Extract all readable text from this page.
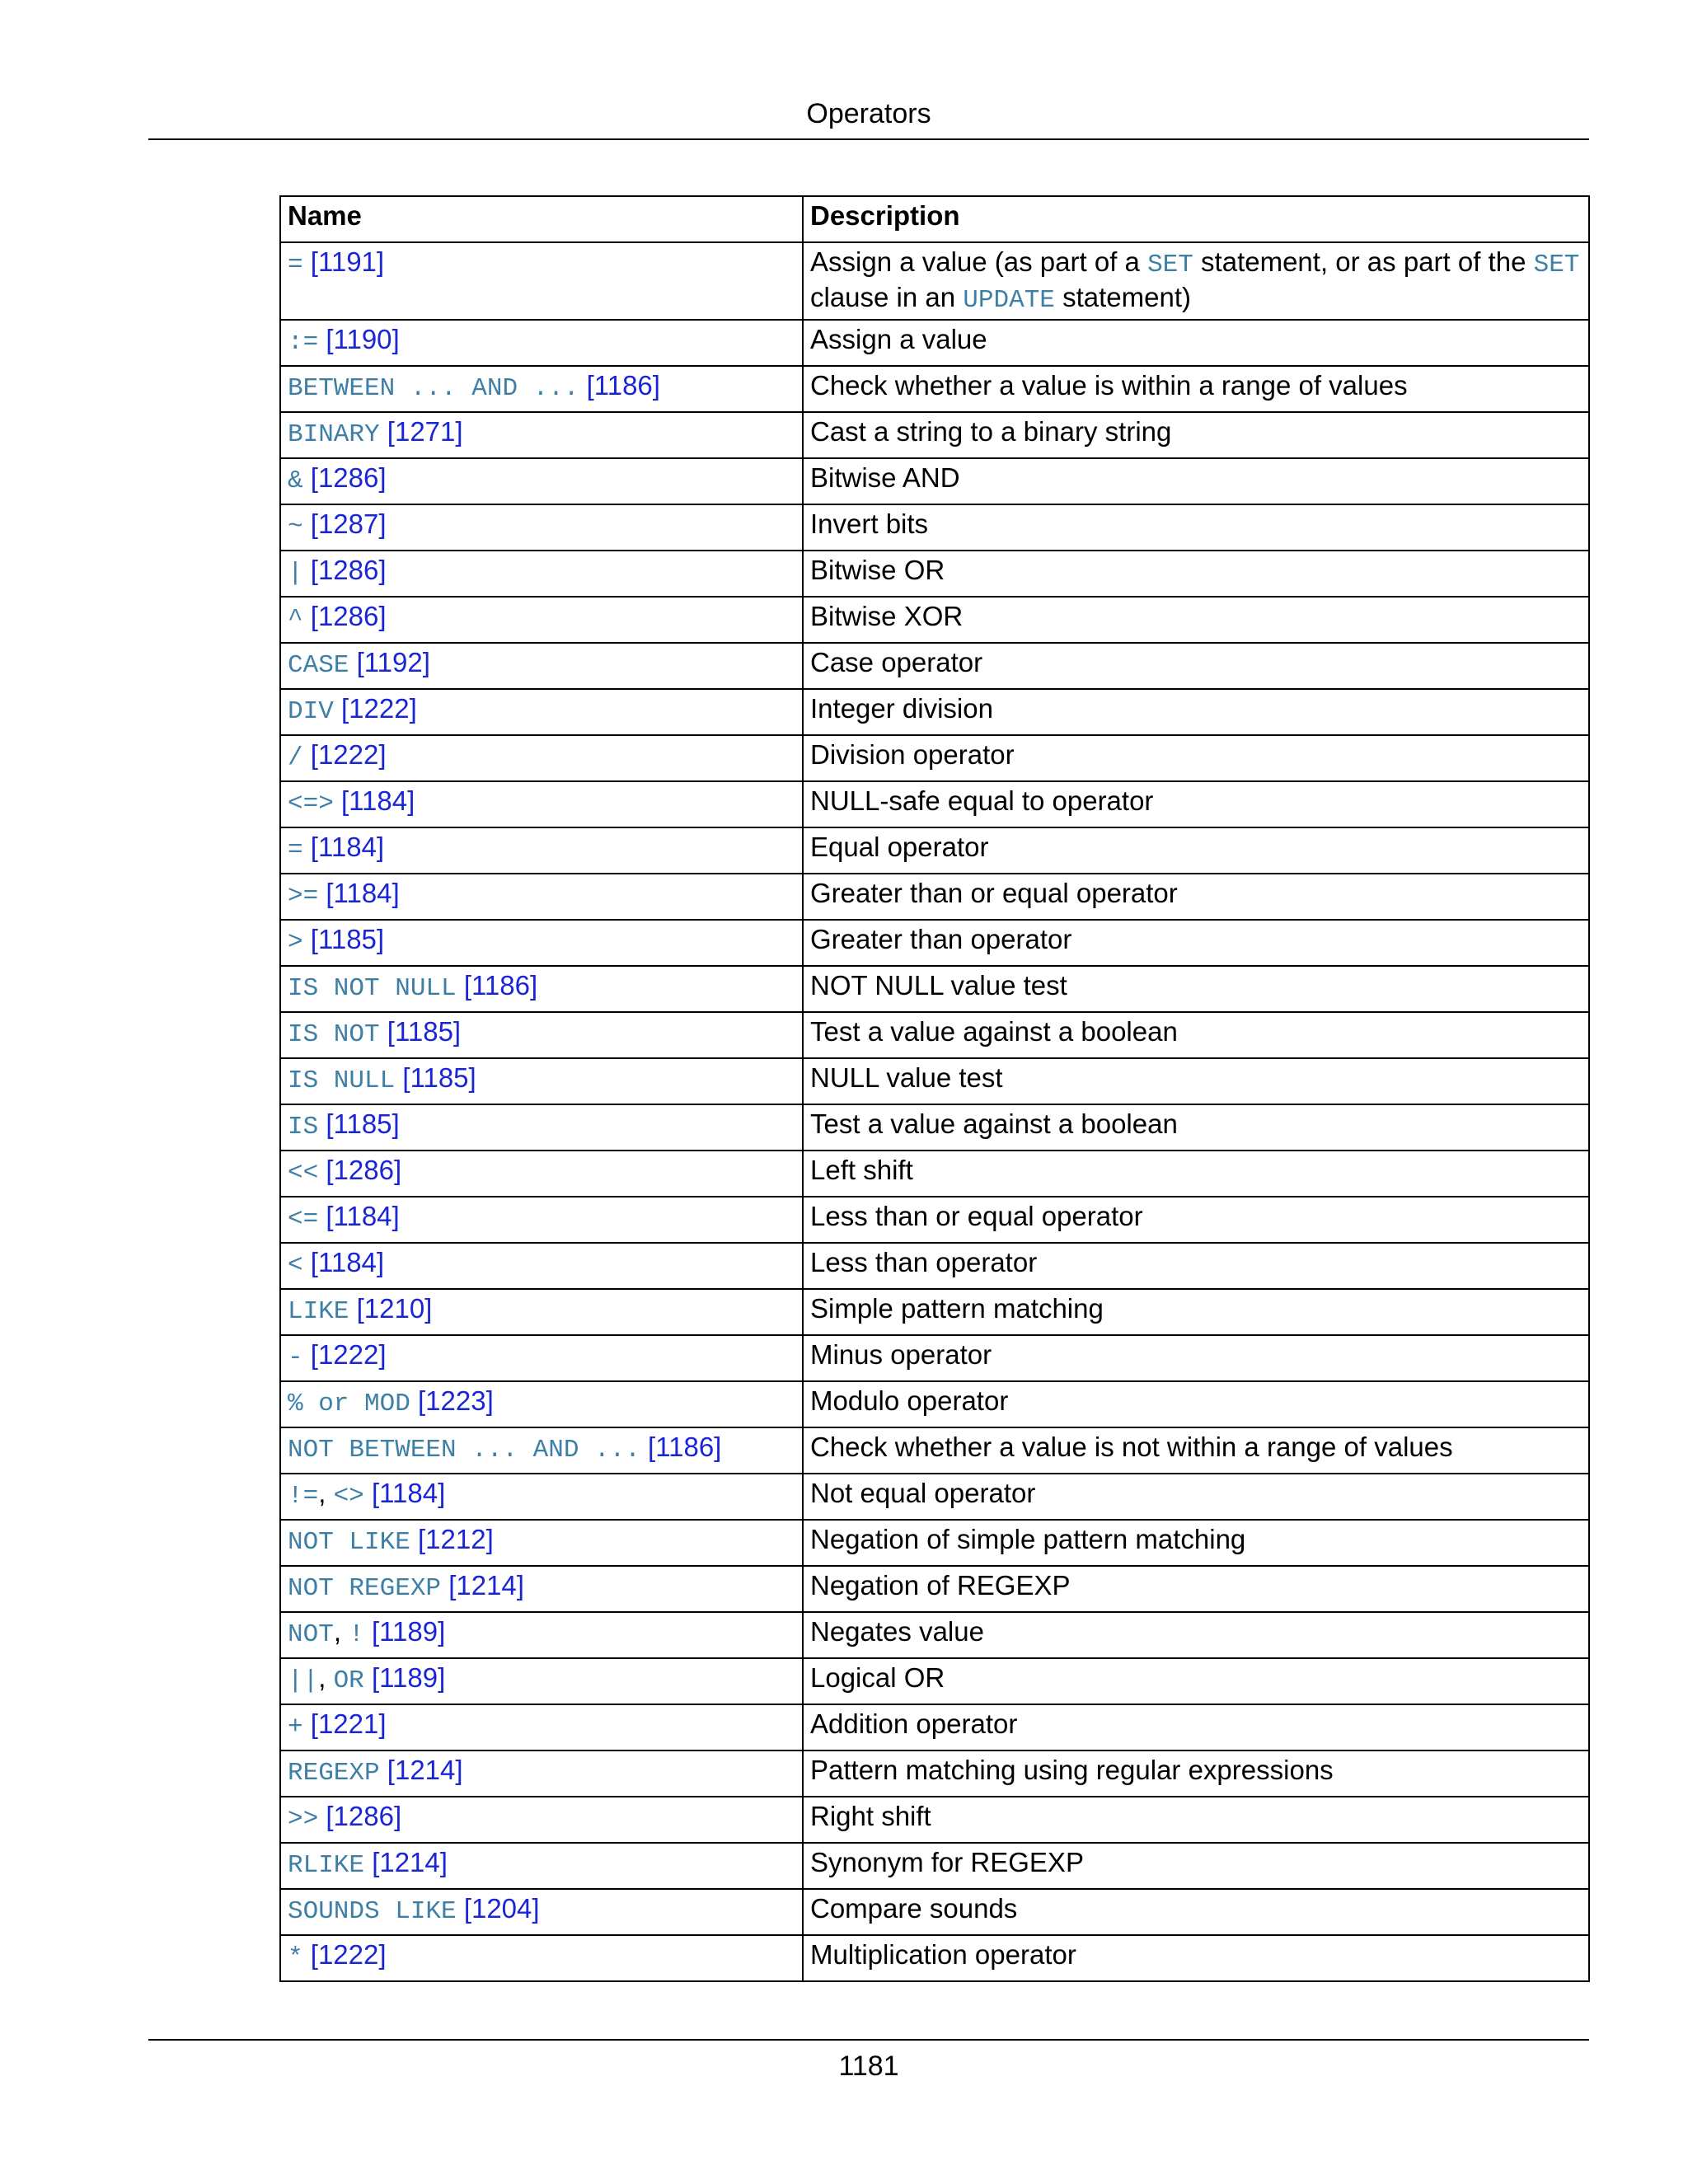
Operators
Name	Description
= [1191]	Assign a value (as part of a SET statement, or as part of the SET clause in an UPDATE statement)
:= [1190]	Assign a value
BETWEEN ... AND ... [1186]	Check whether a value is within a range of values
BINARY [1271]	Cast a string to a binary string
& [1286]	Bitwise AND
~ [1287]	Invert bits
| [1286]	Bitwise OR
^ [1286]	Bitwise XOR
CASE [1192]	Case operator
DIV [1222]	Integer division
/ [1222]	Division operator
<=> [1184]	NULL-safe equal to operator
= [1184]	Equal operator
>= [1184]	Greater than or equal operator
> [1185]	Greater than operator
IS NOT NULL [1186]	NOT NULL value test
IS NOT [1185]	Test a value against a boolean
IS NULL [1185]	NULL value test
IS [1185]	Test a value against a boolean
<< [1286]	Left shift
<= [1184]	Less than or equal operator
< [1184]	Less than operator
LIKE [1210]	Simple pattern matching
- [1222]	Minus operator
% or MOD [1223]	Modulo operator
NOT BETWEEN ... AND ... [1186]	Check whether a value is not within a range of values
!=, <> [1184]	Not equal operator
NOT LIKE [1212]	Negation of simple pattern matching
NOT REGEXP [1214]	Negation of REGEXP
NOT, ! [1189]	Negates value
||, OR [1189]	Logical OR
+ [1221]	Addition operator
REGEXP [1214]	Pattern matching using regular expressions
>> [1286]	Right shift
RLIKE [1214]	Synonym for REGEXP
SOUNDS LIKE [1204]	Compare sounds
* [1222]	Multiplication operator
1181
